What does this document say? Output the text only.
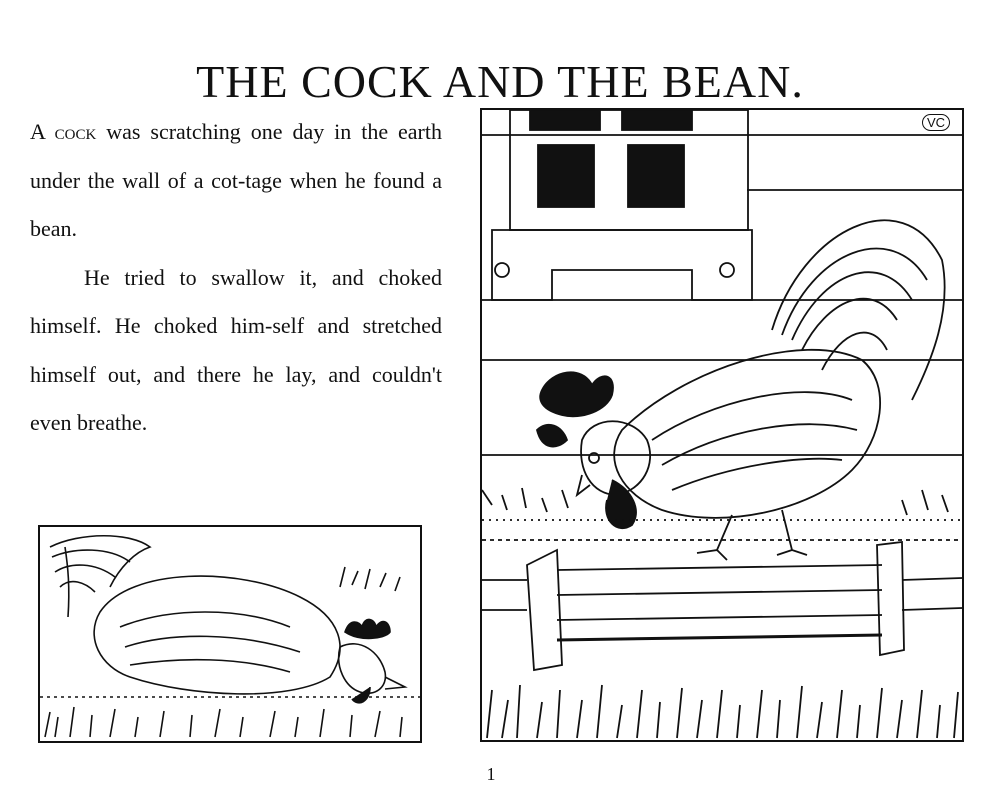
THE COCK AND THE BEAN.

A cock was scratching one day in the earth under the wall of a cot-tage when he found a bean.

He tried to swallow it, and choked himself. He choked him-self and stretched himself out, and there he lay, and couldn't even breathe.

VC
1
